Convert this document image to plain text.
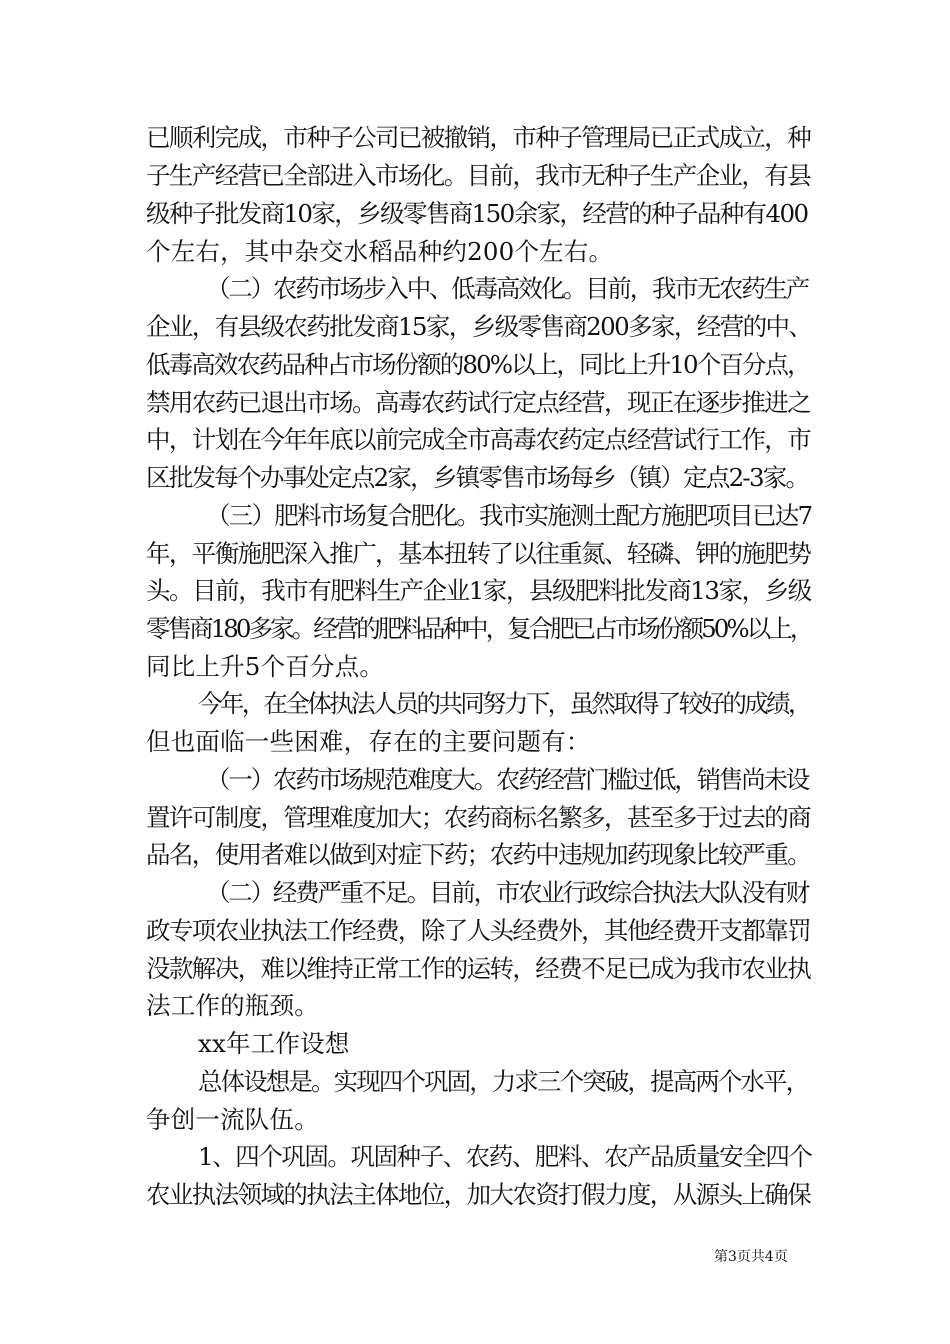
已顺利完成，市种子公司已被撤销，市种子管理局已正式成立，种
子生产经营已全部进入市场化。目前，我市无种子生产企业，有县
级种子批发商10家，乡级零售商150余家，经营的种子品种有400
个左右，其中杂交水稻品种约200个左右。
（二）农药市场步入中、低毒高效化。目前，我市无农药生产
企业，有县级农药批发商15家，乡级零售商200多家，经营的中、
低毒高效农药品种占市场份额的80%以上，同比上升10个百分点，
禁用农药已退出市场。高毒农药试行定点经营，现正在逐步推进之
中，计划在今年年底以前完成全市高毒农药定点经营试行工作，市
区批发每个办事处定点2家，乡镇零售市场每乡（镇）定点2-3家。
（三）肥料市场复合肥化。我市实施测土配方施肥项目已达7
年，平衡施肥深入推广，基本扭转了以往重氮、轻磷、钾的施肥势
头。目前，我市有肥料生产企业1家，县级肥料批发商13家，乡级
零售商180多家。经营的肥料品种中，复合肥已占市场份额50%以上，
同比上升5个百分点。
今年，在全体执法人员的共同努力下，虽然取得了较好的成绩，
但也面临一些困难，存在的主要问题有：
（一）农药市场规范难度大。农药经营门槛过低，销售尚未设
置许可制度，管理难度加大；农药商标名繁多，甚至多于过去的商
品名，使用者难以做到对症下药；农药中违规加药现象比较严重。
（二）经费严重不足。目前，市农业行政综合执法大队没有财
政专项农业执法工作经费，除了人头经费外，其他经费开支都靠罚
没款解决，难以维持正常工作的运转，经费不足已成为我市农业执
法工作的瓶颈。
xx年工作设想
总体设想是。实现四个巩固，力求三个突破，提高两个水平，
争创一流队伍。
1、四个巩固。巩固种子、农药、肥料、农产品质量安全四个
农业执法领域的执法主体地位，加大农资打假力度，从源头上确保
第3页共4页
